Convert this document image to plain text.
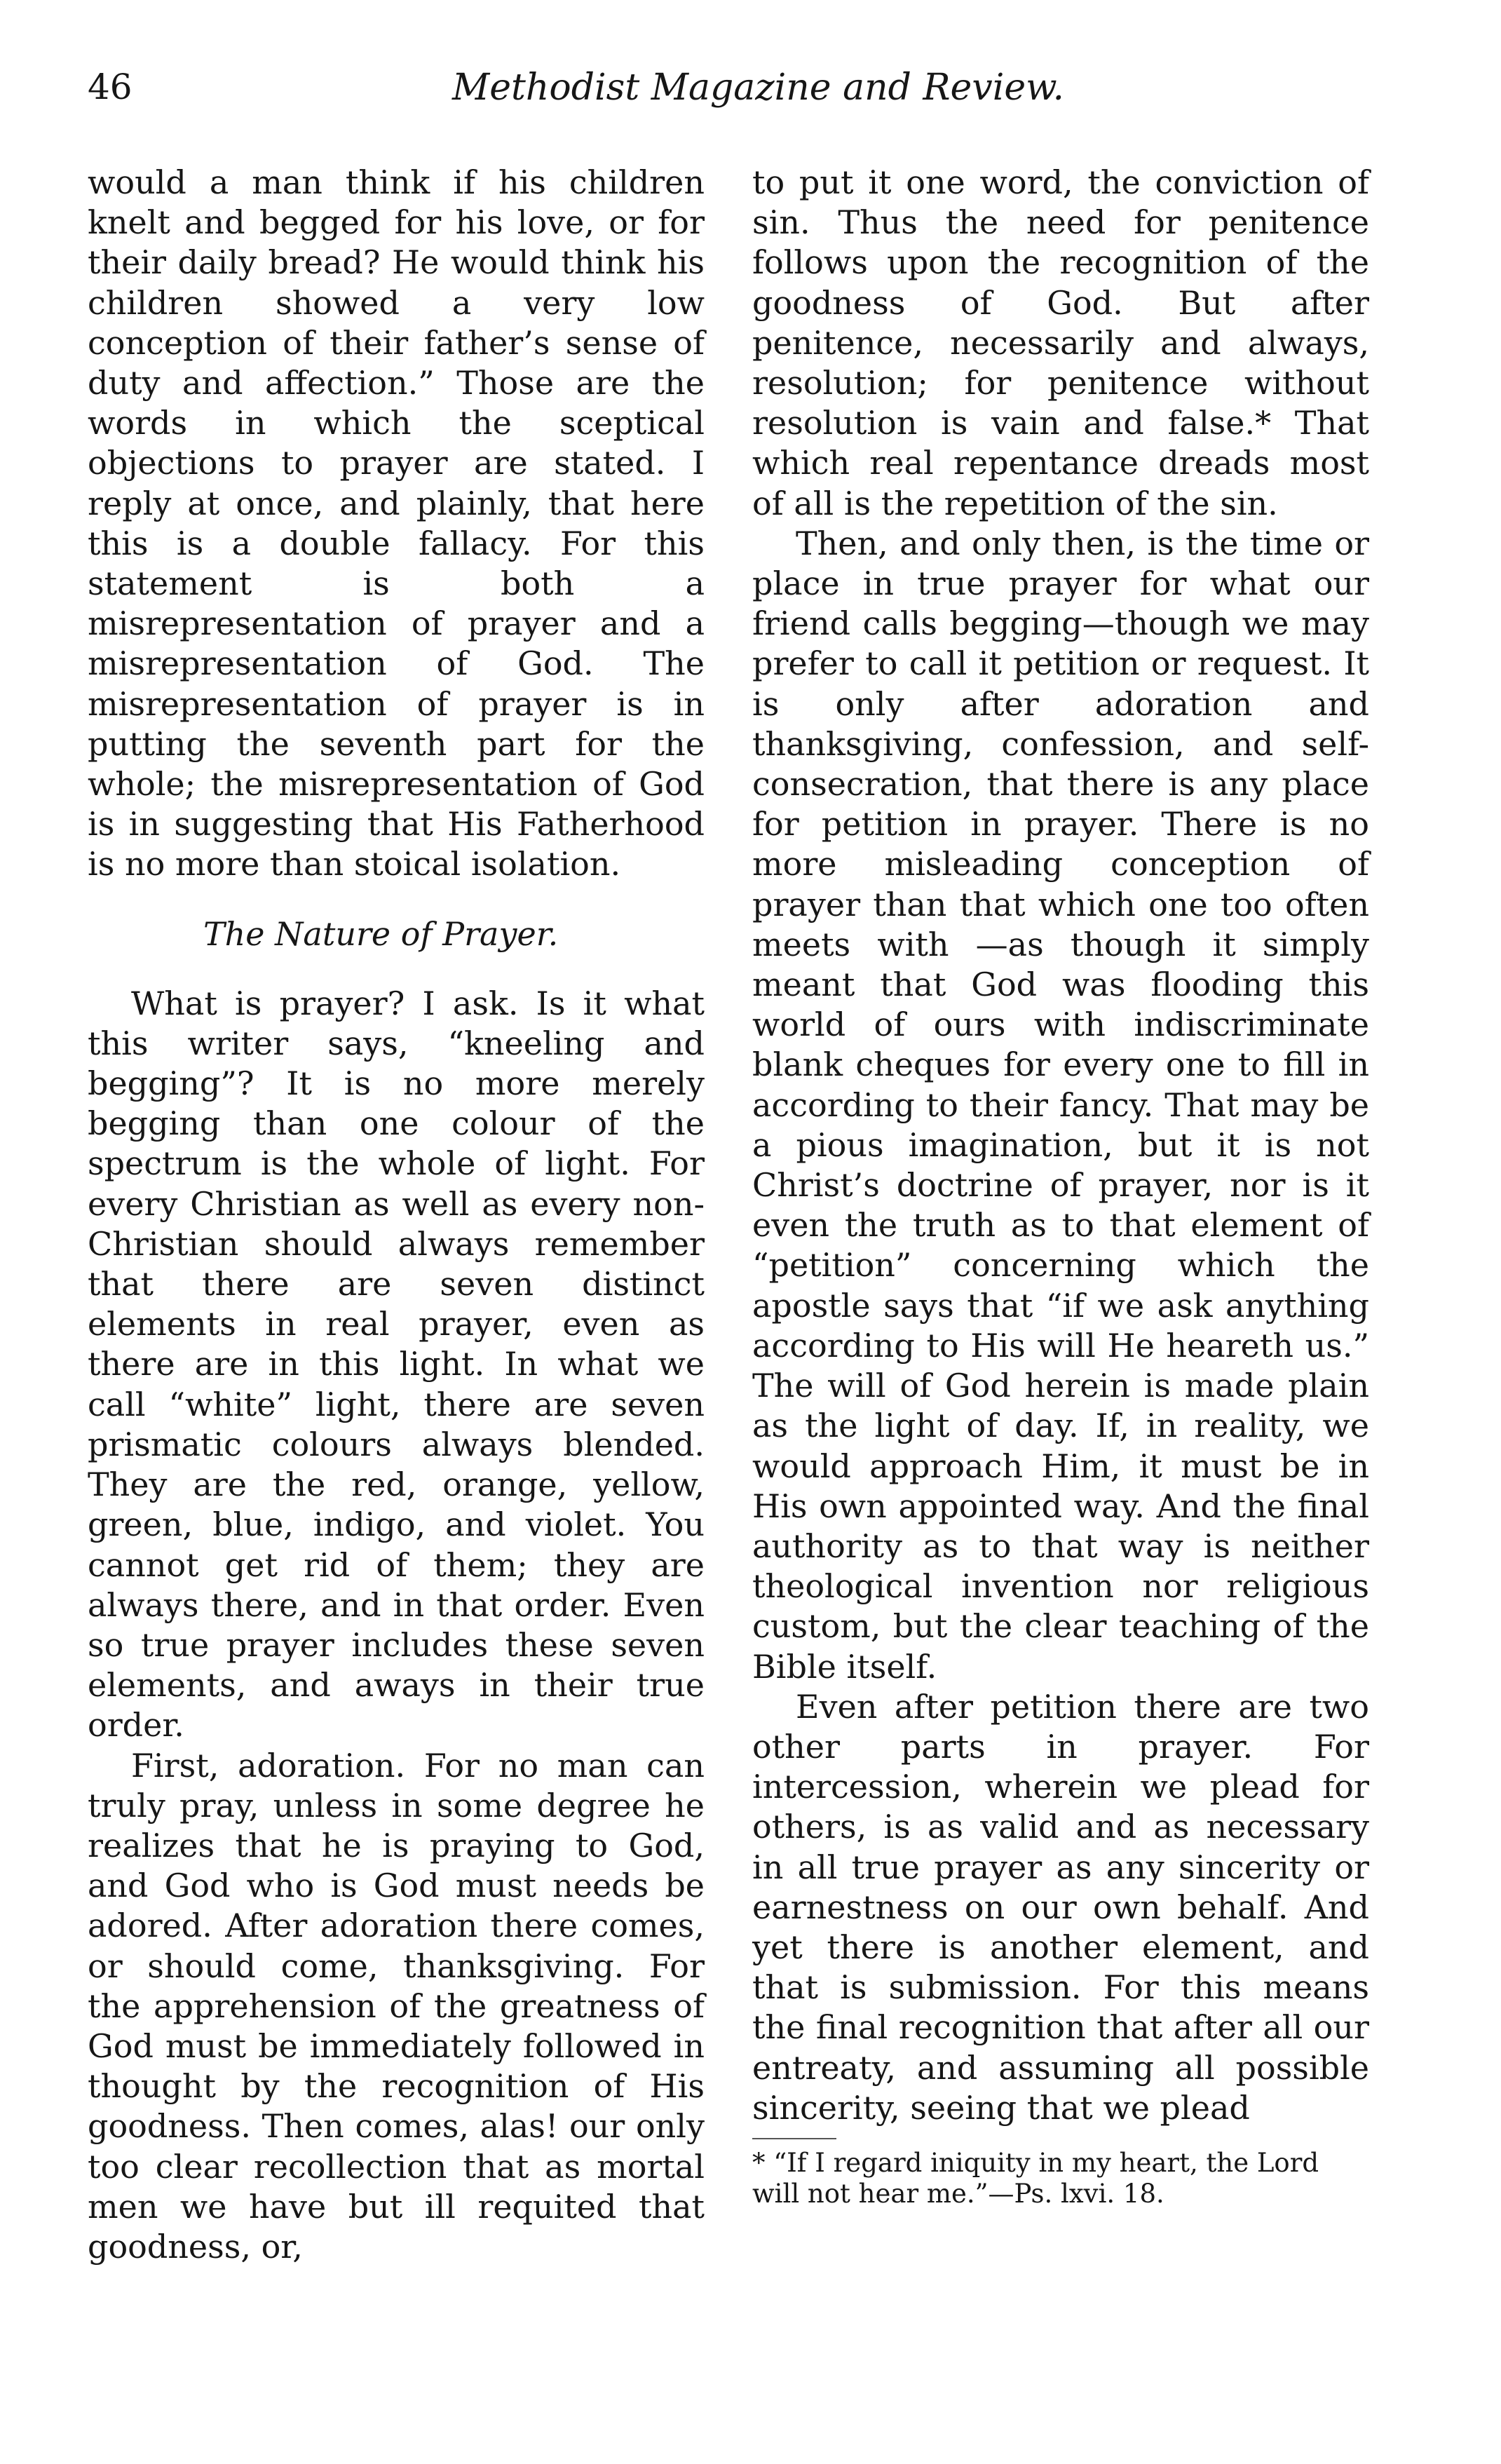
46	Methodist Magazine and Review.

would a man think if his children knelt and begged for his love, or for their daily bread? He would think his children showed a very low conception of their father’s sense of duty and affection.” Those are the words in which the sceptical objections to prayer are stated. I reply at once, and plainly, that here this is a double fallacy. For this statement is both a misrepresentation of prayer and a misrepresentation of God. The misrepresentation of prayer is in putting the seventh part for the whole; the misrepresentation of God is in suggesting that His Fatherhood is no more than stoical isolation.

The Nature of Prayer.

What is prayer? I ask. Is it what this writer says, “kneeling and begging”? It is no more merely begging than one colour of the spectrum is the whole of light. For every Christian as well as every non-Christian should always remember that there are seven distinct elements in real prayer, even as there are in this light. In what we call “white” light, there are seven prismatic colours always blended. They are the red, orange, yellow, green, blue, indigo, and violet. You cannot get rid of them; they are always there, and in that order. Even so true prayer includes these seven elements, and aways in their true order.

First, adoration. For no man can truly pray, unless in some degree he realizes that he is praying to God, and God who is God must needs be adored. After adoration there comes, or should come, thanksgiving. For the apprehension of the greatness of God must be immediately followed in thought by the recognition of His goodness. Then comes, alas! our only too clear recollection that as mortal men we have but ill requited that goodness, or,

to put it one word, the conviction of sin. Thus the need for penitence follows upon the recognition of the goodness of God. But after penitence, necessarily and always, resolution; for penitence without resolution is vain and false.* That which real repentance dreads most of all is the repetition of the sin.

Then, and only then, is the time or place in true prayer for what our friend calls begging—though we may prefer to call it petition or request. It is only after adoration and thanksgiving, confession, and self-consecration, that there is any place for petition in prayer. There is no more misleading conception of prayer than that which one too often meets with —as though it simply meant that God was flooding this world of ours with indiscriminate blank cheques for every one to fill in according to their fancy. That may be a pious imagination, but it is not Christ’s doctrine of prayer, nor is it even the truth as to that element of “petition” concerning which the apostle says that “if we ask anything according to His will He heareth us.” The will of God herein is made plain as the light of day. If, in reality, we would approach Him, it must be in His own appointed way. And the final authority as to that way is neither theological invention nor religious custom, but the clear teaching of the Bible itself.

Even after petition there are two other parts in prayer. For intercession, wherein we plead for others, is as valid and as necessary in all true prayer as any sincerity or earnestness on our own behalf. And yet there is another element, and that is submission. For this means the final recognition that after all our entreaty, and assuming all possible sincerity, seeing that we plead

* “If I regard iniquity in my heart, the Lord will not hear me.”—Ps. lxvi. 18.
